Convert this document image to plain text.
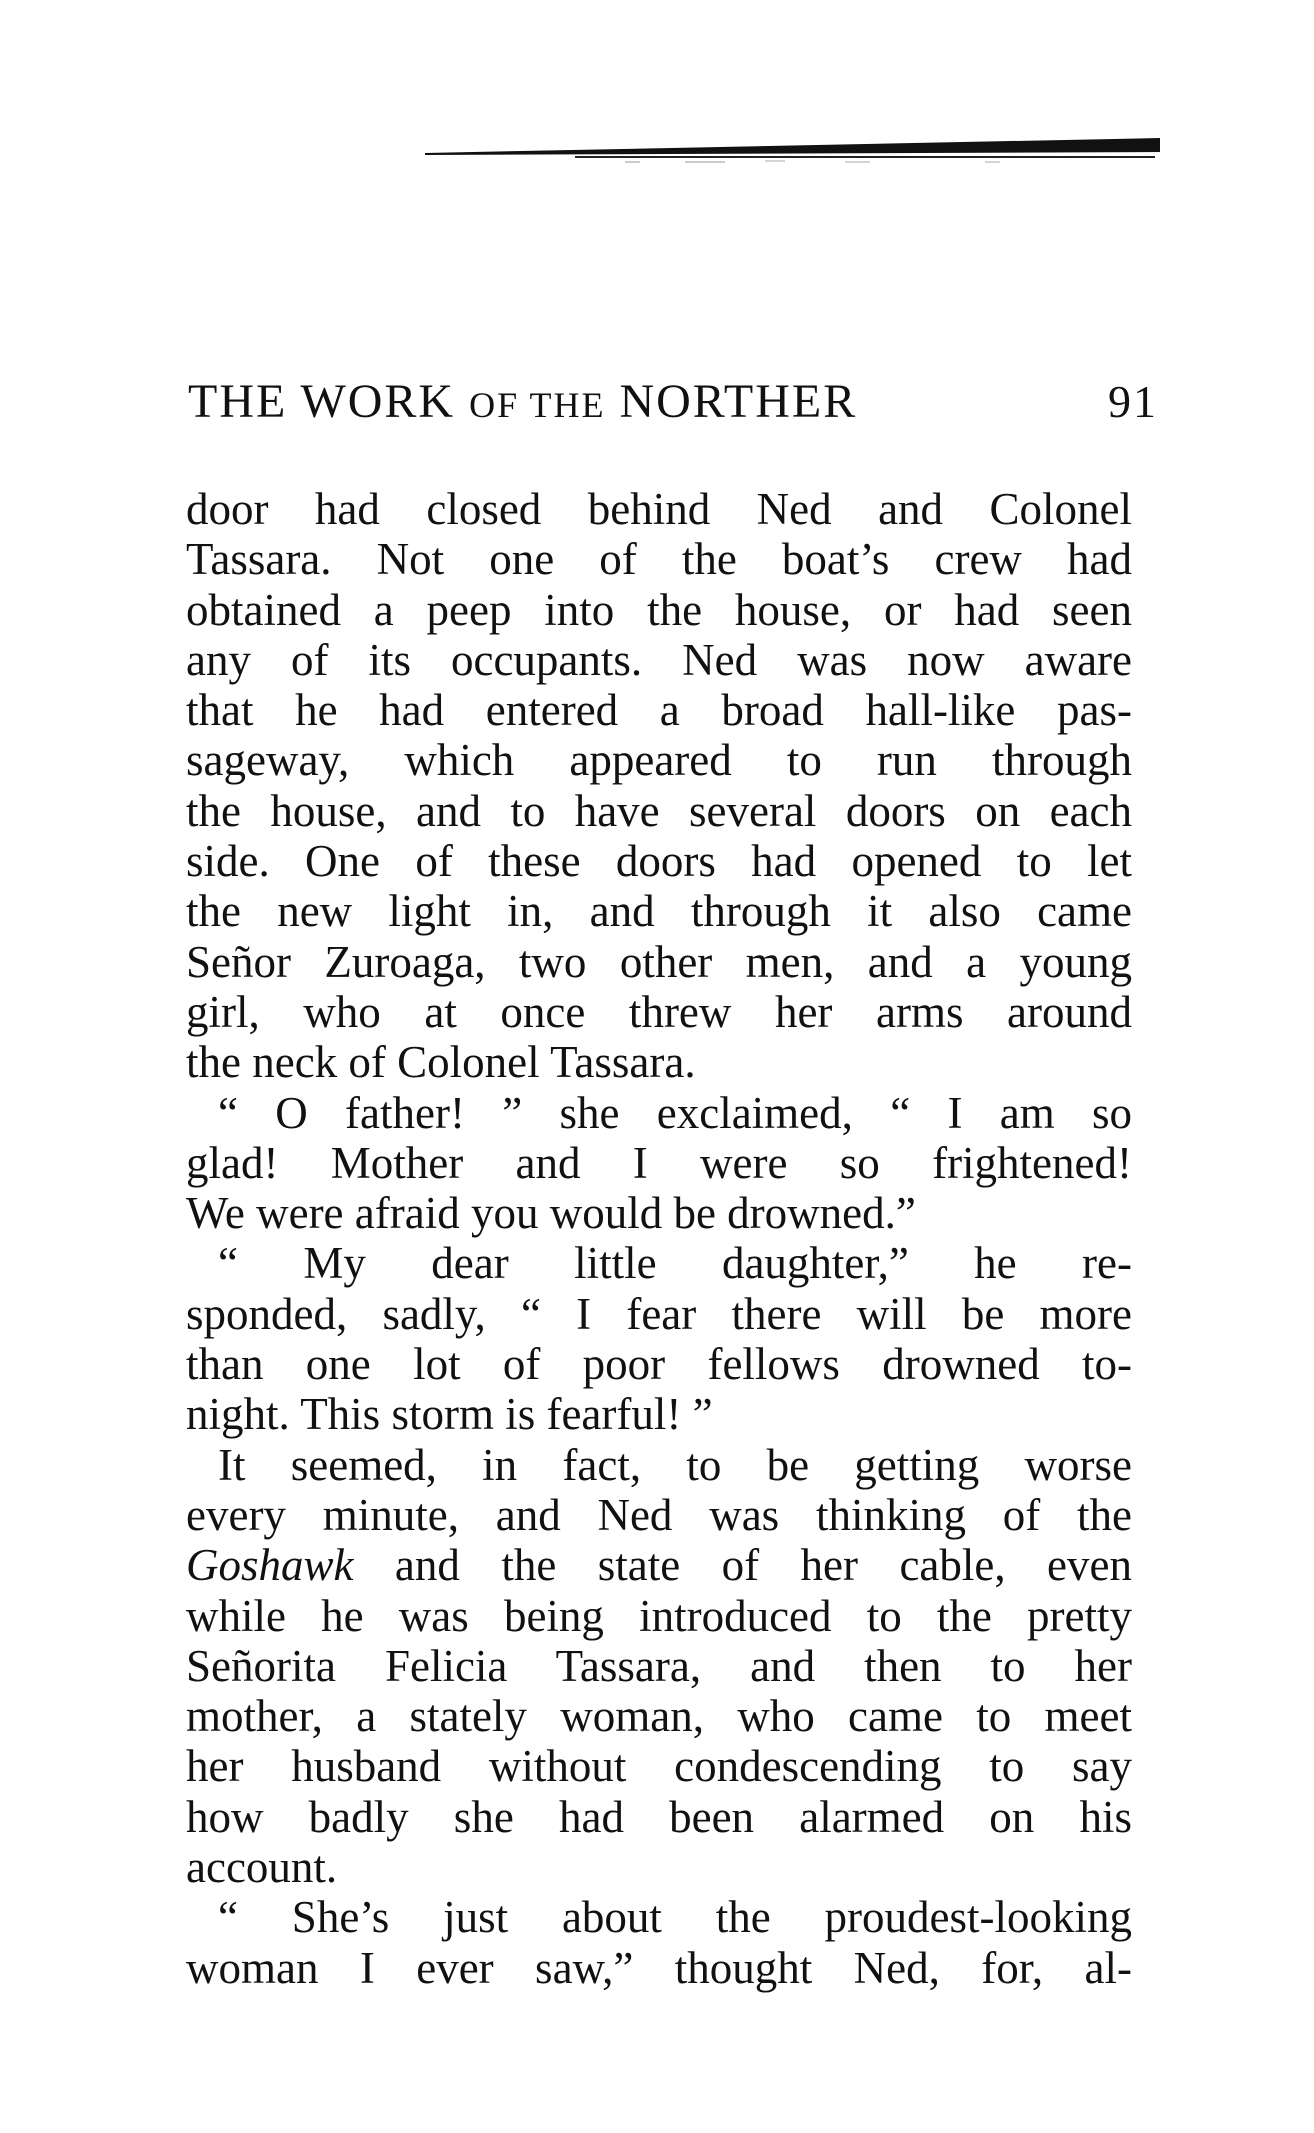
THE WORK OF THE NORTHER	91
door had closed behind Ned and Colonel
Tassara. Not one of the boat’s crew had
obtained a peep into the house, or had seen
any of its occupants. Ned was now aware
that he had entered a broad hall-like pas-
sageway, which appeared to run through
the house, and to have several doors on each
side. One of these doors had opened to let
the new light in, and through it also came
Señor Zuroaga, two other men, and a young
girl, who at once threw her arms around
the neck of Colonel Tassara.
“ O father! ” she exclaimed, “ I am so
glad! Mother and I were so frightened!
We were afraid you would be drowned.”
“ My dear little daughter,” he re-
sponded, sadly, “ I fear there will be more
than one lot of poor fellows drowned to-
night. This storm is fearful! ”
It seemed, in fact, to be getting worse
every minute, and Ned was thinking of the
Goshawk and the state of her cable, even
while he was being introduced to the pretty
Señorita Felicia Tassara, and then to her
mother, a stately woman, who came to meet
her husband without condescending to say
how badly she had been alarmed on his
account.
“ She’s just about the proudest-looking
woman I ever saw,” thought Ned, for, al-
